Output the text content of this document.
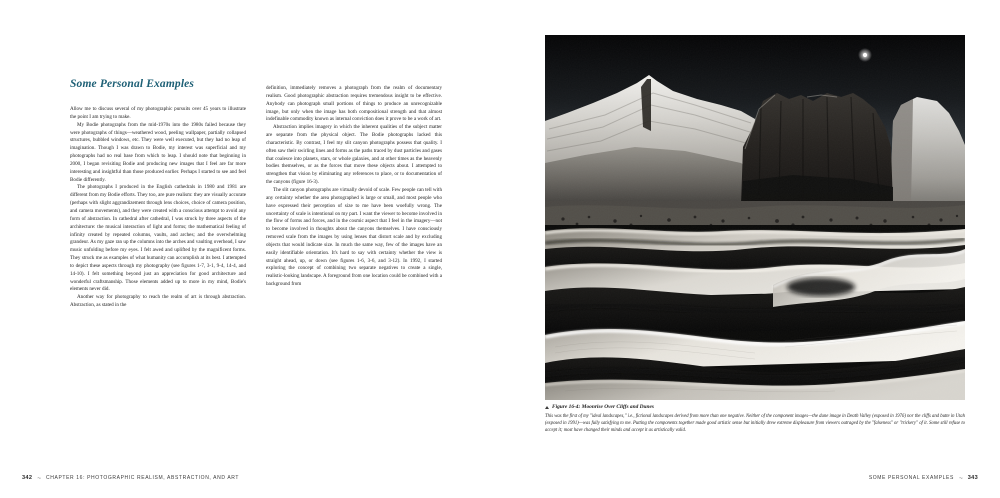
Some Personal Examples

Allow me to discuss several of my photographic pursuits over 45 years to illustrate the point I am trying to make.

My Bodie photographs from the mid-1970s into the 1980s failed because they were photographs of things—weathered wood, peeling wallpaper, partially collapsed structures, bubbled windows, etc. They were well executed, but they had no leap of imagination. Though I was drawn to Bodie, my interest was superficial and my photographs had no real base from which to leap. I should note that beginning in 2000, I began revisiting Bodie and producing new images that I feel are far more interesting and insightful than those produced earlier. Perhaps I started to see and feel Bodie differently.

The photographs I produced in the English cathedrals in 1980 and 1981 are different from my Bodie efforts. They too, are pure realism: they are visually accurate (perhaps with slight aggrandizement through lens choices, choice of camera position, and camera movements), and they were created with a conscious attempt to avoid any form of abstraction. In cathedral after cathedral, I was struck by three aspects of the architecture: the musical interaction of light and forms; the mathematical feeling of infinity created by repeated columns, vaults, and arches; and the overwhelming grandeur. As my gaze ran up the columns into the arches and vaulting overhead, I saw music unfolding before my eyes. I felt awed and uplifted by the magnificent forms. They struck me as examples of what humanity can accomplish at its best. I attempted to depict these aspects through my photography (see figures 1-7, 3-1, 9-4, 14-4, and 14-10). I felt something beyond just an appreciation for good architecture and wonderful craftsmanship. Those elements added up to more in my mind, Bodie's elements never did.

Another way for photography to reach the realm of art is through abstraction. Abstraction, as stated in the

definition, immediately removes a photograph from the realm of documentary realism. Good photographic abstraction requires tremendous insight to be effective. Anybody can photograph small portions of things to produce an unrecognizable image, but only when the image has both compositional strength and that almost indefinable commodity known as internal conviction does it prove to be a work of art.

Abstraction implies imagery in which the inherent qualities of the subject matter are separate from the physical object. The Bodie photographs lacked this characteristic. By contrast, I feel my slit canyon photographs possess that quality. I often saw their swirling lines and forms as the paths traced by dust particles and gases that coalesce into planets, stars, or whole galaxies, and at other times as the heavenly bodies themselves, or as the forces that move these objects about. I attempted to strengthen that vision by eliminating any references to place, or to documentation of the canyons (figure 16-3).

The slit canyon photographs are virtually devoid of scale. Few people can tell with any certainty whether the area photographed is large or small, and most people who have expressed their perception of size to me have been woefully wrong. The uncertainty of scale is intentional on my part. I want the viewer to become involved in the flow of forms and forces, and in the cosmic aspect that I feel in the imagery—not to become involved in thoughts about the canyons themselves. I have consciously removed scale from the images by using lenses that distort scale and by excluding objects that would indicate size. In much the same way, few of the images have an easily identifiable orientation. It's hard to say with certainty whether the view is straight ahead, up, or down (see figures 1-6, 3-6, and 3-12). In 1992, I started exploring the concept of combining two separate negatives to create a single, realistic-looking landscape. A foreground from one location could be combined with a background from

342 ~ CHAPTER 16: PHOTOGRAPHIC REALISM, ABSTRACTION, AND ART
Figure 16-4: Moonrise Over Cliffs and Dunes
This was the first of my "ideal landscapes," i.e., fictional landscapes derived from more than one negative. Neither of the component images—the dune image in Death Valley (exposed in 1976) nor the cliffs and butte in Utah (exposed in 1991)—was fully satisfying to me. Putting the components together made good artistic sense but initially drew extreme displeasure from viewers outraged by the "falseness" or "trickery" of it. Some still refuse to accept it; most have changed their minds and accept it as artistically valid.
SOME PERSONAL EXAMPLES ~ 343
